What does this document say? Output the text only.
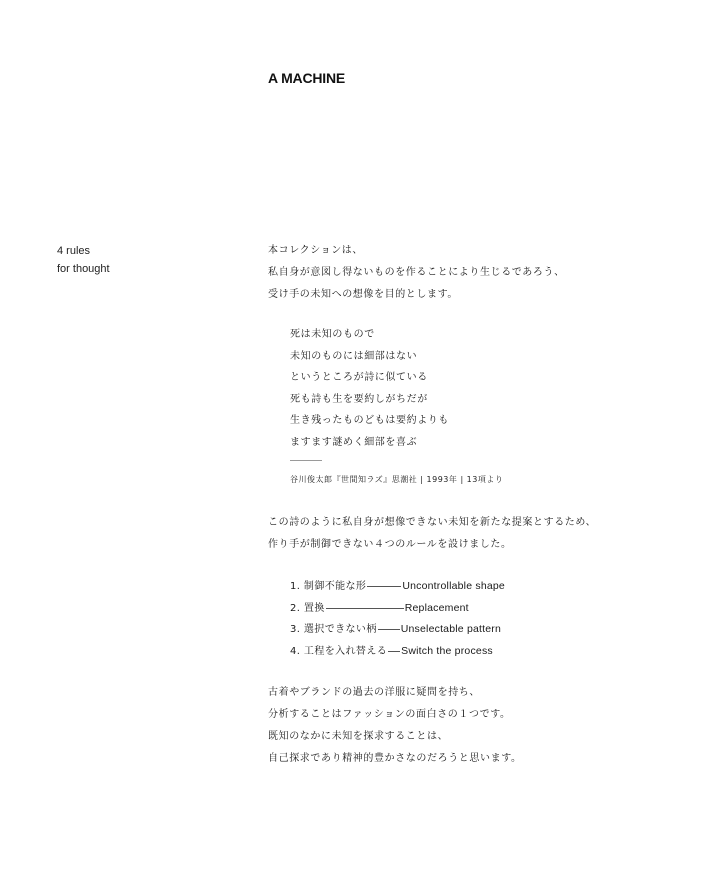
A MACHINE
4 rules
for thought
本コレクションは、
私自身が意図し得ないものを作ることにより生じるであろう、
受け手の未知への想像を目的とします。
死は未知のもので
未知のものには細部はない
というところが詩に似ている
死も詩も生を要約しがちだが
生き残ったものどもは要約よりも
ますます謎めく細部を喜ぶ
谷川俊太郎『世間知ラズ』思潮社 | 1993年 | 13項より
この詩のように私自身が想像できない未知を新たな提案とするため、
作り手が制御できない４つのルールを設けました。
1. 制御不能な形	Uncontrollable shape
2. 置換	Replacement
3. 選択できない柄 Unselectable pattern
4. 工程を入れ替える Switch the process
古着やブランドの過去の洋服に疑問を持ち、
分析することはファッションの面白さの１つです。
既知のなかに未知を探求することは、
自己探求であり精神的豊かさなのだろうと思います。
